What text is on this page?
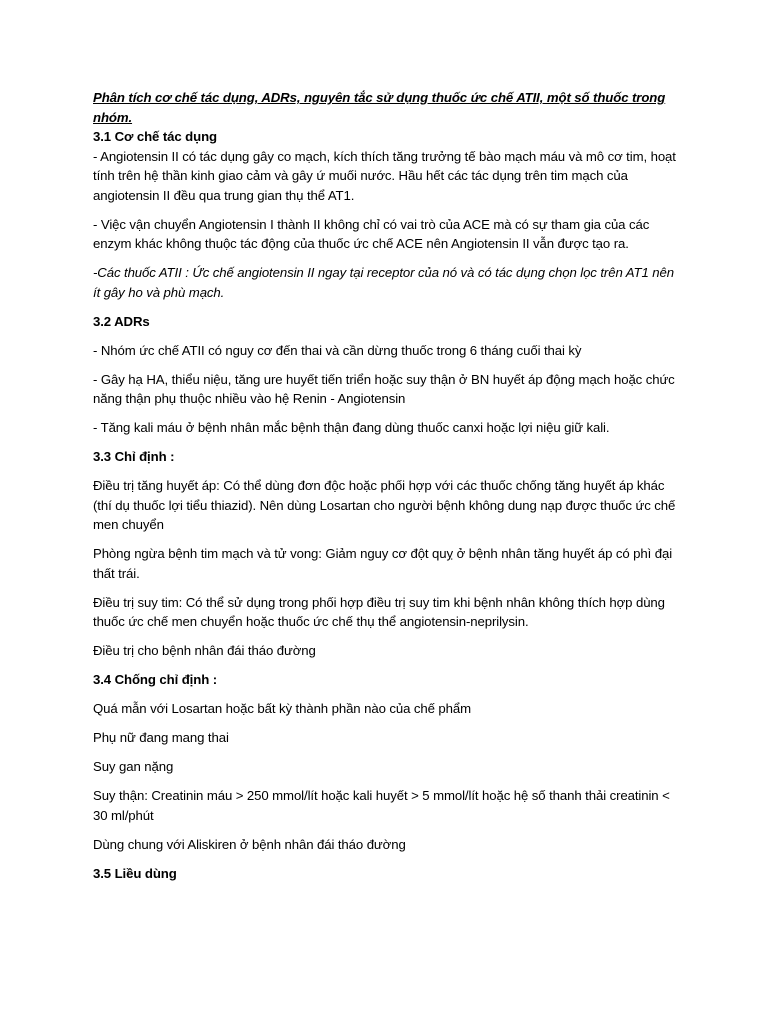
Phân tích cơ chế tác dụng, ADRs, nguyên tắc sử dụng thuốc ức chế ATII, một số thuốc trong nhóm.

3.1 Cơ chế tác dụng

- Angiotensin II có tác dụng gây co mạch, kích thích tăng trưởng tế bào mạch máu và mô cơ tim, hoạt tính trên hệ thần kinh giao cảm và gây ứ muối nước. Hầu hết các tác dụng trên tim mạch của angiotensin II đều qua trung gian thụ thể AT1.

- Việc vận chuyển Angiotensin I thành II không chỉ có vai trò của ACE mà có sự tham gia của các enzym khác không thuộc tác động của thuốc ức chế ACE nên Angiotensin II vẫn được tạo ra.

-Các thuốc ATII : Ức chế angiotensin II ngay tại receptor của nó và có tác dụng chọn lọc trên AT1 nên ít gây ho và phù mạch.

3.2 ADRs

- Nhóm ức chế ATII có nguy cơ đến thai và cần dừng thuốc trong 6 tháng cuối thai kỳ

- Gây hạ HA, thiểu niệu, tăng ure huyết tiến triển hoặc suy thận ở BN huyết áp động mạch hoặc chức năng thận phụ thuộc nhiều vào hệ Renin - Angiotensin

- Tăng kali máu ở bệnh nhân mắc bệnh thận đang dùng thuốc canxi hoặc lợi niệu giữ kali.

3.3 Chỉ định :

Điều trị tăng huyết áp: Có thể dùng đơn độc hoặc phối hợp với các thuốc chống tăng huyết áp khác (thí dụ thuốc lợi tiểu thiazid). Nên dùng Losartan cho người bệnh không dung nạp được thuốc ức chế men chuyển

Phòng ngừa bệnh tim mạch và tử vong: Giảm nguy cơ đột quỵ ở bệnh nhân tăng huyết áp có phì đại thất trái.

Điều trị suy tim: Có thể sử dụng trong phối hợp điều trị suy tim khi bệnh nhân không thích hợp dùng thuốc ức chế men chuyển hoặc thuốc ức chế thụ thể angiotensin-neprilysin.

Điều trị cho bệnh nhân đái tháo đường

3.4 Chống chỉ định :

Quá mẫn với Losartan hoặc bất kỳ thành phần nào của chế phẩm

Phụ nữ đang mang thai

Suy gan nặng

Suy thận: Creatinin máu > 250 mmol/lít hoặc kali huyết > 5 mmol/lít hoặc hệ số thanh thải creatinin < 30 ml/phút

Dùng chung với Aliskiren ở bệnh nhân đái tháo đường

3.5 Liều dùng
